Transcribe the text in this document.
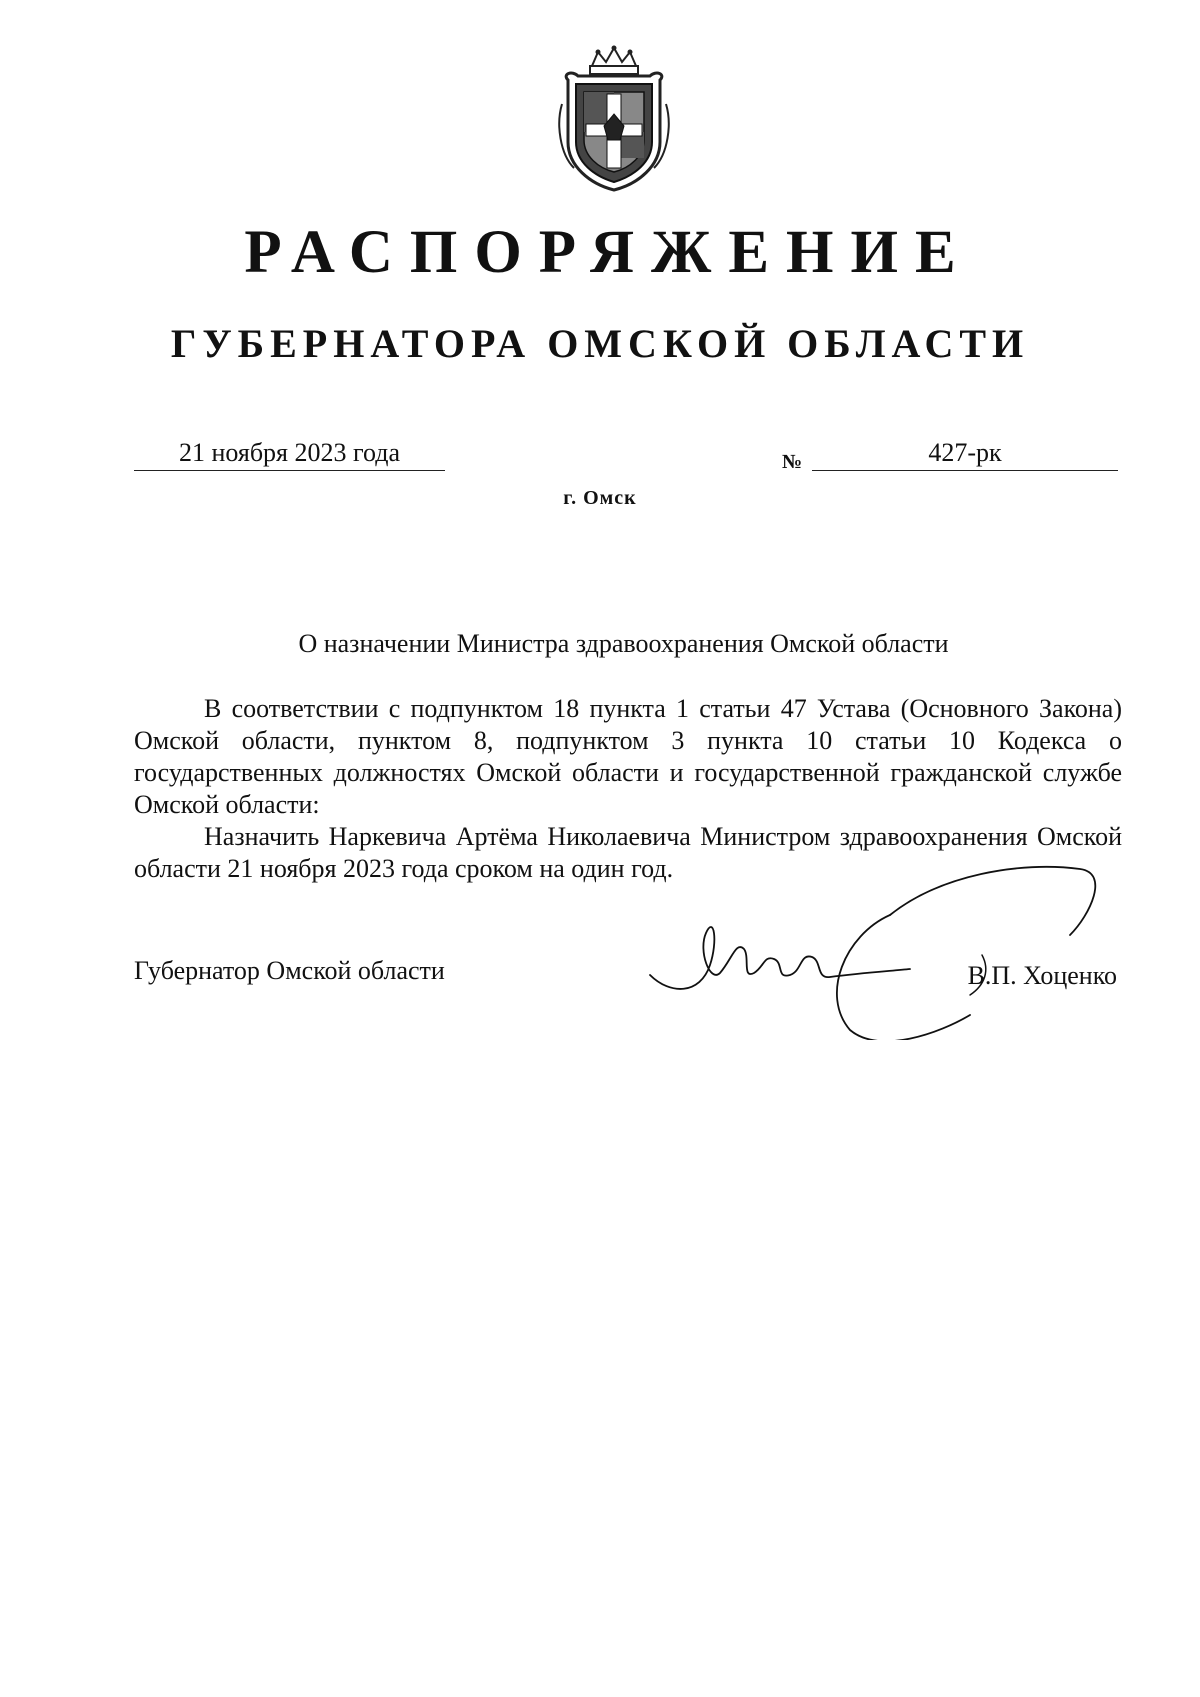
РАСПОРЯЖЕНИЕ
ГУБЕРНАТОРА ОМСКОЙ ОБЛАСТИ
21 ноября 2023 года	№	427-рк
г. Омск
О назначении Министра здравоохранения Омской области

В соответствии с подпунктом 18 пункта 1 статьи 47 Устава (Основного Закона) Омской области, пунктом 8, подпунктом 3 пункта 10 статьи 10 Кодекса о государственных должностях Омской области и государственной гражданской службе Омской области:

Назначить Наркевича Артёма Николаевича Министром здравоохранения Омской области 21 ноября 2023 года сроком на один год.

Губернатор Омской области	В.П. Хоценко
